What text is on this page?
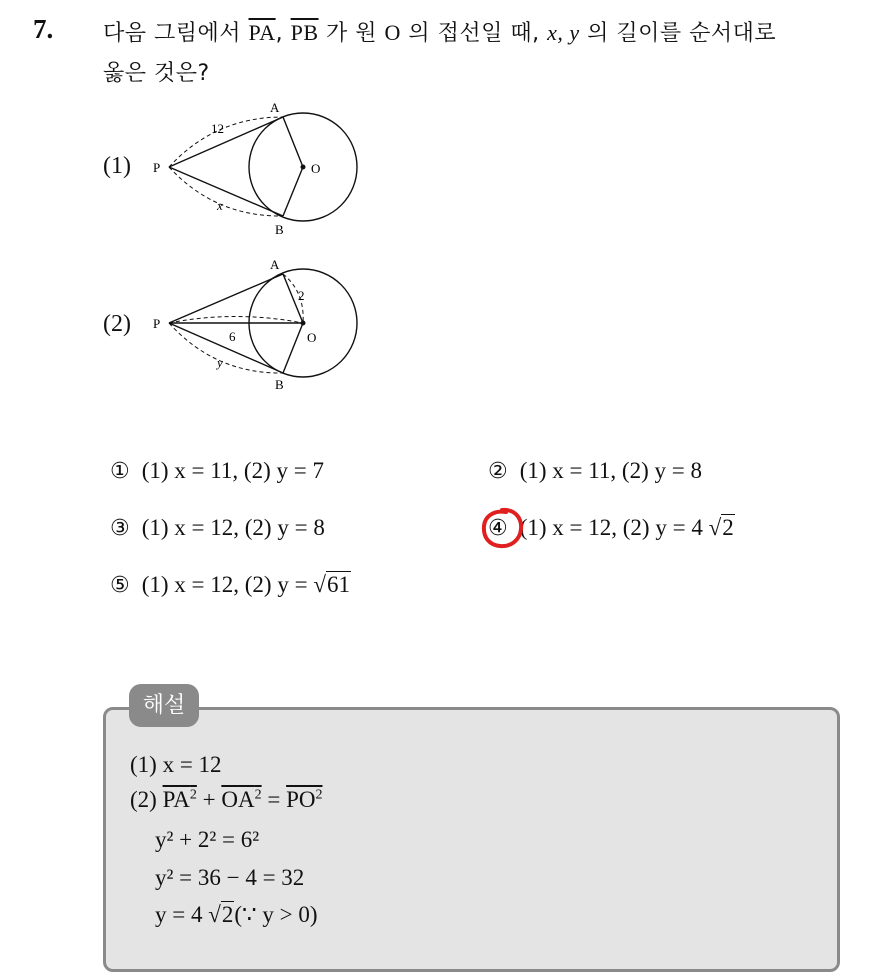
7. 다음 그림에서 $\overline{PA}$, $\overline{PB}$ 가 원 O 의 접선일 때, x, y 의 길이를 순서대로
옳은 것은?
(1) P
A
B
O
12
x
(2) P
A
B
O
2
6
y
① (1) x = 11, (2) y = 7	② (1) x = 11, (2) y = 8
③ (1) x = 12, (2) y = 8	④ (1) x = 12, (2) y = 4 √2
⑤ (1) x = 12, (2) y = √61
해설
(1) x = 12
(2) $PA^2 + OA^2 = PO^2$
y² + 2² = 6²
y² = 36 − 4 = 32
y = 4 √2(∵ y > 0)
